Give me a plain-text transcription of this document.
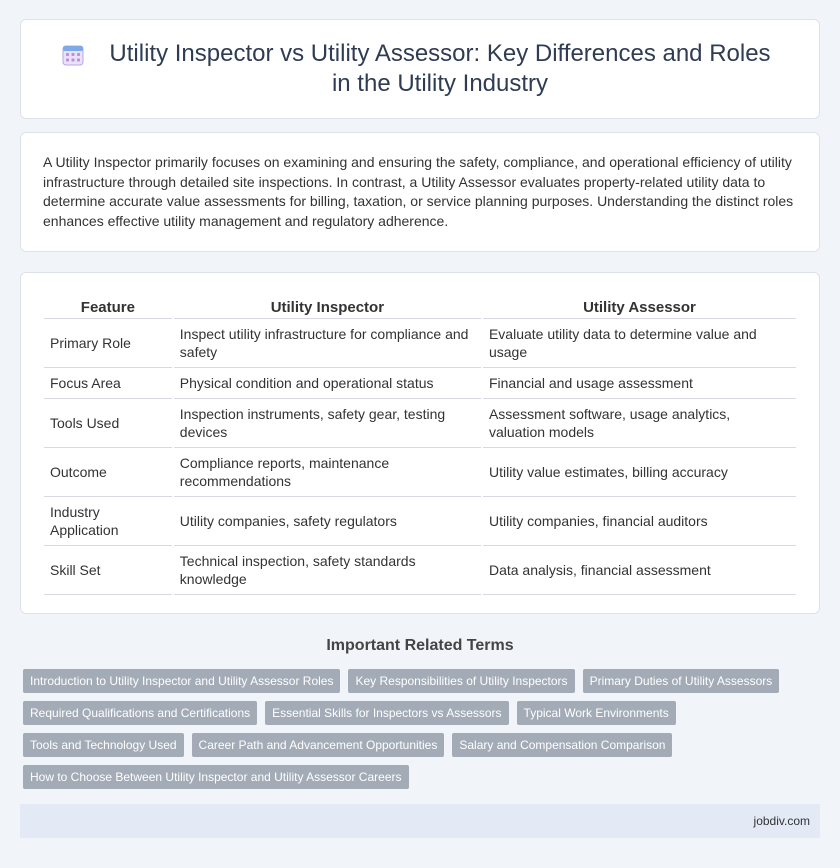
Utility Inspector vs Utility Assessor: Key Differences and Roles in the Utility Industry

A Utility Inspector primarily focuses on examining and ensuring the safety, compliance, and operational efficiency of utility infrastructure through detailed site inspections. In contrast, a Utility Assessor evaluates property-related utility data to determine accurate value assessments for billing, taxation, or service planning purposes. Understanding the distinct roles enhances effective utility management and regulatory adherence.

Feature	Utility Inspector	Utility Assessor
Primary Role	Inspect utility infrastructure for compliance and safety	Evaluate utility data to determine value and usage
Focus Area	Physical condition and operational status	Financial and usage assessment
Tools Used	Inspection instruments, safety gear, testing devices	Assessment software, usage analytics, valuation models
Outcome	Compliance reports, maintenance recommendations	Utility value estimates, billing accuracy
Industry Application	Utility companies, safety regulators	Utility companies, financial auditors
Skill Set	Technical inspection, safety standards knowledge	Data analysis, financial assessment
Important Related Terms
Introduction to Utility Inspector and Utility Assessor Roles	Key Responsibilities of Utility Inspectors	Primary Duties of Utility Assessors
Required Qualifications and Certifications	Essential Skills for Inspectors vs Assessors	Typical Work Environments
Tools and Technology Used	Career Path and Advancement Opportunities	Salary and Compensation Comparison
How to Choose Between Utility Inspector and Utility Assessor Careers
jobdiv.com
